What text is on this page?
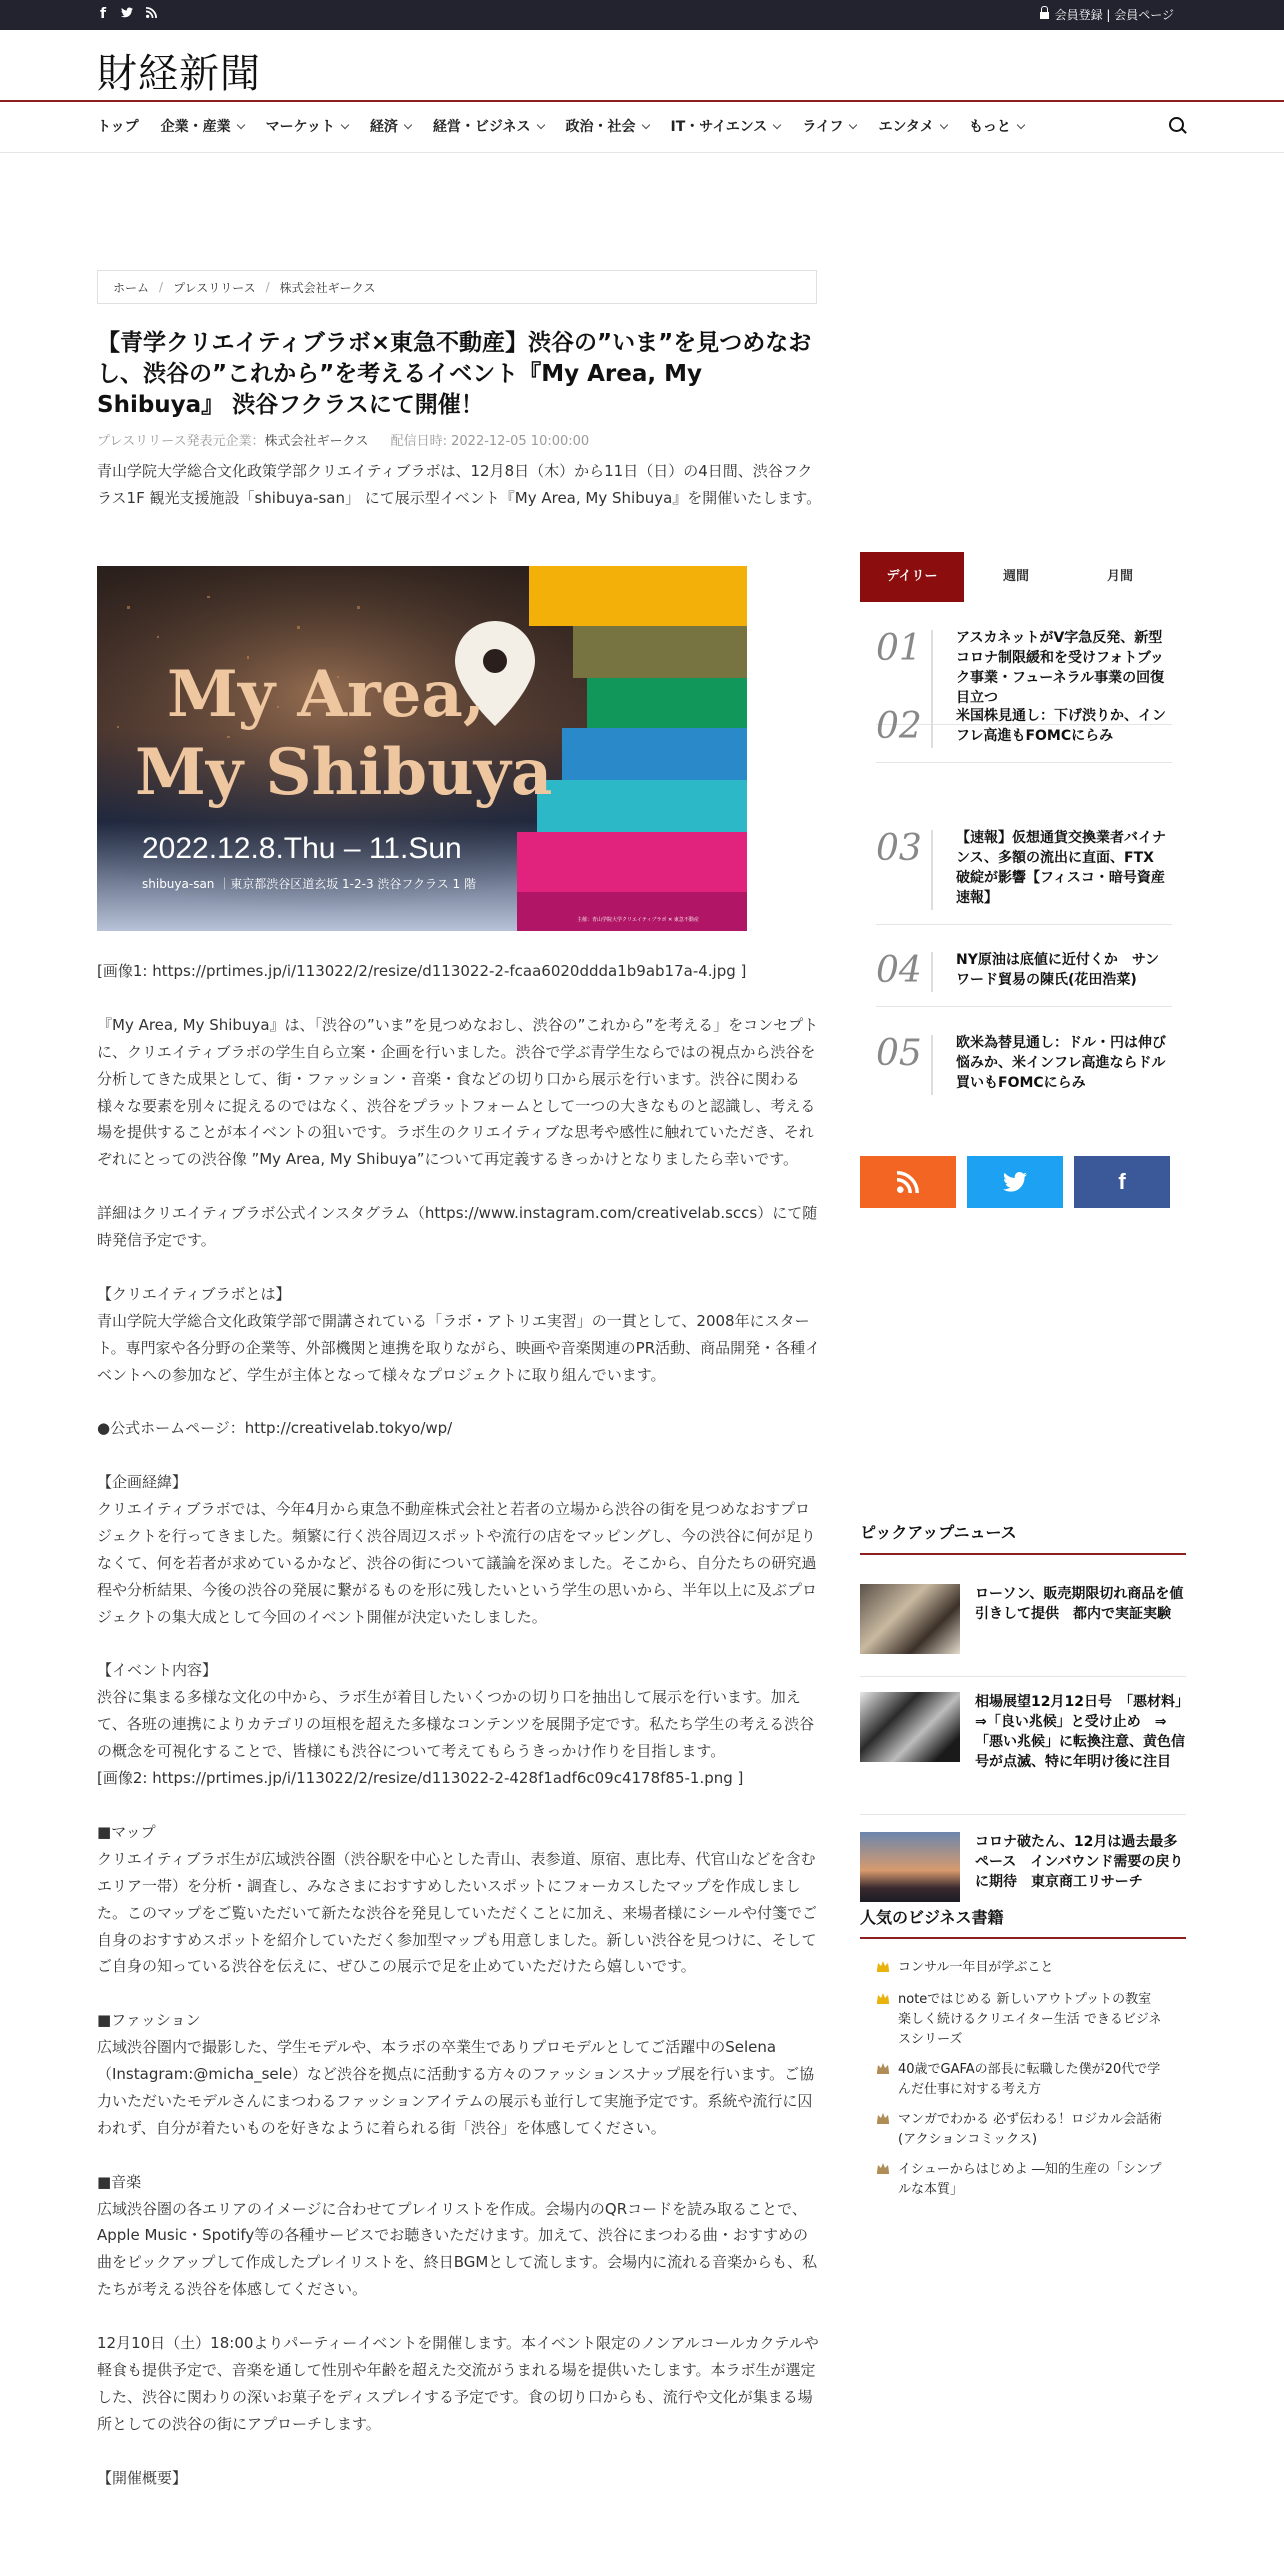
f	会員登録 | 会員ページ
財経新聞
トップ 企業・産業	マーケット	経済	経営・ビジネス	政治・社会	IT・サイエンス	ライフ	エンタメ	もっと
ホーム / プレスリリース / 株式会社ギークス
【青学クリエイティブラボ×東急不動産】渋谷の”いま”を見つめなおし、渋谷の”これから”を考えるイベント『My Area, My Shibuya』 渋谷フクラスにて開催！
プレスリリース発表元企業：株式会社ギークス 配信日時: 2022-12-05 10:00:00
青山学院大学総合文化政策学部クリエイティブラボは、12月8日（木）から11日（日）の4日間、渋谷フクラス1F 観光支援施設「shibuya-san」 にて展示型イベント『My Area, My Shibuya』を開催いたします。
My Area,
My Shibuya
2022.12.8.Thu – 11.Sun
shibuya-san ｜東京都渋谷区道玄坂 1-2-3 渋谷フクラス 1 階
主催：青山学院大学クリエイティブラボ ✕ 東急不動産

[画像1: https://prtimes.jp/i/113022/2/resize/d113022-2-fcaa6020ddda1b9ab17a-4.jpg ]

『My Area, My Shibuya』は、「渋谷の”いま”を見つめなおし、渋谷の”これから”を考える」をコンセプトに、クリエイティブラボの学生自ら立案・企画を行いました。渋谷で学ぶ青学生ならではの視点から渋谷を分析してきた成果として、街・ファッション・音楽・食などの切り口から展示を行います。渋谷に関わる様々な要素を別々に捉えるのではなく、渋谷をプラットフォームとして一つの大きなものと認識し、考える場を提供することが本イベントの狙いです。ラボ生のクリエイティブな思考や感性に触れていただき、それぞれにとっての渋谷像 ”My Area, My Shibuya”について再定義するきっかけとなりましたら幸いです。

詳細はクリエイティブラボ公式インスタグラム（https://www.instagram.com/creativelab.sccs）にて随時発信予定です。

【クリエイティブラボとは】

青山学院大学総合文化政策学部で開講されている「ラボ・アトリエ実習」の一貫として、2008年にスタート。専門家や各分野の企業等、外部機関と連携を取りながら、映画や音楽関連のPR活動、商品開発・各種イベントへの参加など、学生が主体となって様々なプロジェクトに取り組んでいます。

●公式ホームページ：http://creativelab.tokyo/wp/

【企画経緯】

クリエイティブラボでは、今年4月から東急不動産株式会社と若者の立場から渋谷の街を見つめなおすプロジェクトを行ってきました。頻繁に行く渋谷周辺スポットや流行の店をマッピングし、今の渋谷に何が足りなくて、何を若者が求めているかなど、渋谷の街について議論を深めました。そこから、自分たちの研究過程や分析結果、今後の渋谷の発展に繋がるものを形に残したいという学生の思いから、半年以上に及ぶプロジェクトの集大成として今回のイベント開催が決定いたしました。

【イベント内容】

渋谷に集まる多様な文化の中から、ラボ生が着目したいくつかの切り口を抽出して展示を行います。加えて、各班の連携によりカテゴリの垣根を超えた多様なコンテンツを展開予定です。私たち学生の考える渋谷の概念を可視化することで、皆様にも渋谷について考えてもらうきっかけ作りを目指します。

[画像2: https://prtimes.jp/i/113022/2/resize/d113022-2-428f1adf6c09c4178f85-1.png ]

■マップ

クリエイティブラボ生が広域渋谷圏（渋谷駅を中心とした青山、表参道、原宿、恵比寿、代官山などを含むエリア一帯）を分析・調査し、みなさまにおすすめしたいスポットにフォーカスしたマップを作成しました。このマップをご覧いただいて新たな渋谷を発見していただくことに加え、来場者様にシールや付箋でご自身のおすすめスポットを紹介していただく参加型マップも用意しました。新しい渋谷を見つけに、そしてご自身の知っている渋谷を伝えに、ぜひこの展示で足を止めていただけたら嬉しいです。

■ファッション

広域渋谷圏内で撮影した、学生モデルや、本ラボの卒業生でありプロモデルとしてご活躍中のSelena（Instagram:@micha_sele）など渋谷を拠点に活動する方々のファッションスナップ展を行います。ご協力いただいたモデルさんにまつわるファッションアイテムの展示も並行して実施予定です。系統や流行に囚われず、自分が着たいものを好きなように着られる街「渋谷」を体感してください。

■音楽

広域渋谷圏の各エリアのイメージに合わせてプレイリストを作成。会場内のQRコードを読み取ることで、Apple Music・Spotify等の各種サービスでお聴きいただけます。加えて、渋谷にまつわる曲・おすすめの曲をピックアップして作成したプレイリストを、終日BGMとして流します。会場内に流れる音楽からも、私たちが考える渋谷を体感してください。

12月10日（土）18:00よりパーティーイベントを開催します。本イベント限定のノンアルコールカクテルや軽食も提供予定で、音楽を通して性別や年齢を超えた交流がうまれる場を提供いたします。本ラボ生が選定した、渋谷に関わりの深いお菓子をディスプレイする予定です。食の切り口からも、流行や文化が集まる場所としての渋谷の街にアプローチします。

【開催概要】

デイリー	週間	月間
01 アスカネットがV字急反発、新型コロナ制限緩和を受けフォトブック事業・フューネラル事業の回復目立つ
02 米国株見通し：下げ渋りか、インフレ高進もFOMCにらみ
03 【速報】仮想通貨交換業者バイナンス、多額の流出に直面、FTX破綻が影響【フィスコ・暗号資産速報】
04 NY原油は底値に近付くか　サンワード貿易の陳氏(花田浩菜)
05 欧米為替見通し：ドル・円は伸び悩みか、米インフレ高進ならドル買いもFOMCにらみ
f
ピックアップニュース
ローソン、販売期限切れ商品を値引きして提供　都内で実証実験
相場展望12月12日号　「悪材料」⇒「良い兆候」と受け止め　⇒「悪い兆候」に転換注意、黄色信号が点滅、特に年明け後に注目
コロナ破たん、12月は過去最多ペース　インバウンド需要の戻りに期待　東京商工リサーチ
人気のビジネス書籍
コンサル一年目が学ぶこと
noteではじめる 新しいアウトプットの教室 楽しく続けるクリエイター生活 できるビジネスシリーズ
40歳でGAFAの部長に転職した僕が20代で学んだ仕事に対する考え方
マンガでわかる 必ず伝わる！ロジカル会話術 (アクションコミックス)
イシューからはじめよ ―知的生産の「シンプルな本質」
